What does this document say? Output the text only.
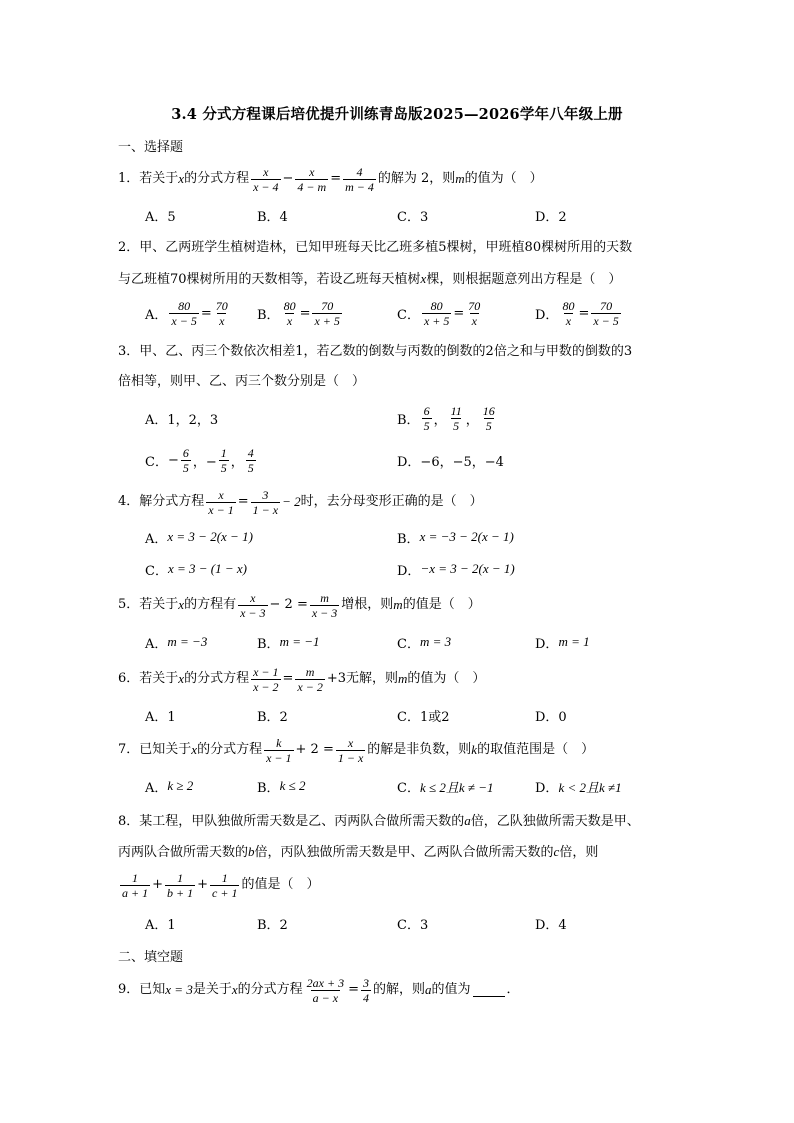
3.4 分式方程课后培优提升训练青岛版2025—2026学年八年级上册
一、选择题
1．若关于 x 的分式方程 $\frac{x}{x - 4} - \frac{x}{4 - m} = \frac{4}{m - 4}$ 的解为 2，则 m 的值为（　）
A．5	B．4	C．3	D．2
2．甲、乙两班学生植树造林，已知甲班每天比乙班多植5棵树，甲班植80棵树所用的天数
与乙班植70棵树所用的天数相等，若设乙班每天植树x棵，则根据题意列出方程是（　）
A． $\frac{80}{x - 5} = \frac{70}{x}$ B． $\frac{80}{x} = \frac{70}{x + 5}$	C． $\frac{80}{x + 5} = \frac{70}{x}$	D． $\frac{80}{x} = \frac{70}{x - 5}$
3．甲、乙、丙三个数依次相差1，若乙数的倒数与丙数的倒数的2倍之和与甲数的倒数的3
倍相等，则甲、乙、丙三个数分别是（　）
A．1，2，3	B． $\frac{6}{5}$ ， $\frac{11}{5}$ ， $\frac{16}{5}$
C． − $\frac{6}{5}$ ，− $\frac{1}{5}$ ， $\frac{4}{5}$	D．−6，−5，−4
4．解分式方程 $\frac{x}{x - 1} = \frac{3}{1 - x} - 2$ 时，去分母变形正确的是（　）
A． x = 3 − 2(x − 1)	B． x = −3 − 2(x − 1)
C． x = 3 − (1 − x)	D． −x = 3 − 2(x − 1)
5．若关于 x 的方程有 $\frac{x}{x - 3} - 2 = \frac{m}{x - 3}$ 增根，则 m 的值是（　）
A． m = −3	B． m = −1	C． m = 3	D． m = 1
6．若关于 x 的分式方程 $\frac{x - 1}{x - 2} = \frac{m}{x - 2} +3$无解，则 m 的值为（　）
A．1	B．2	C．1或2	D．0
7．已知关于 x 的分式方程 $\frac{k}{x - 1} + 2 = \frac{x}{1 - x}$ 的解是非负数，则 k 的取值范围是（　）
A． k ≥ 2	B． k ≤ 2	C． k ≤ 2且k ≠ −1	D． k < 2且k ≠1
8．某工程，甲队独做所需天数是乙、丙两队合做所需天数的a倍，乙队独做所需天数是甲、
丙两队合做所需天数的b倍，丙队独做所需天数是甲、乙两队合做所需天数的c倍，则
$\frac{1}{a + 1} + \frac{1}{b + 1} + \frac{1}{c + 1}$ 的值是（　）
A．1	B．2	C．3	D．4
二、填空题
9．已知 x = 3 是关于 x 的分式方程 $\frac{2ax + 3}{a - x} = \frac{3}{4}$ 的解，则 a 的值为	．
